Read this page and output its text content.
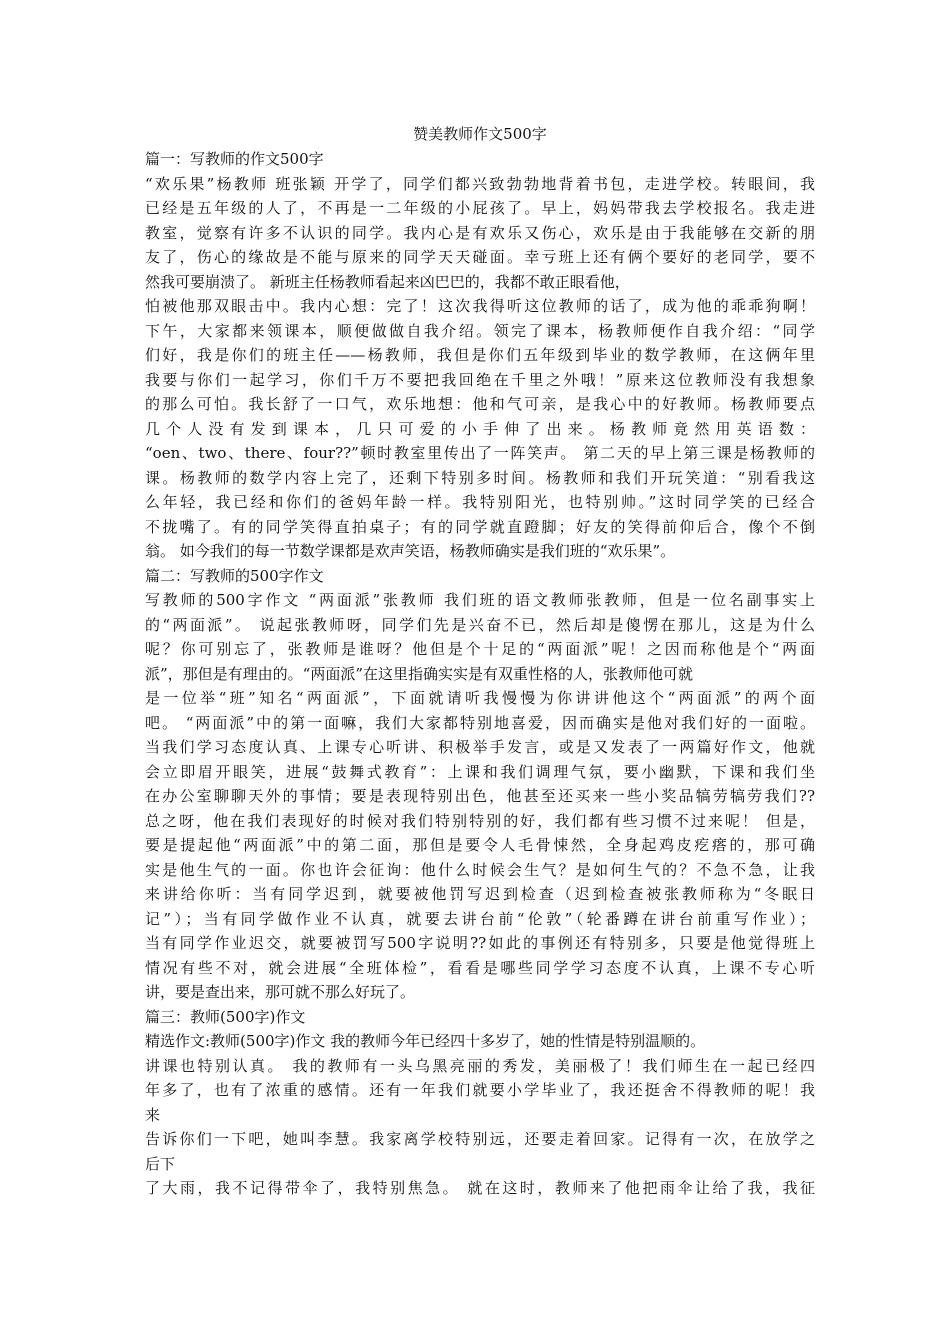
赞美教师作文500字
篇一：写教师的作文500字
“欢乐果”杨教师 班张颖 开学了，同学们都兴致勃勃地背着书包，走进学校。转眼间，我
已经是五年级的人了，不再是一二年级的小屁孩了。早上，妈妈带我去学校报名。我走进
教室，觉察有许多不认识的同学。我内心是有欢乐又伤心，欢乐是由于我能够在交新的朋
友了，伤心的缘故是不能与原来的同学天天碰面。幸亏班上还有俩个要好的老同学，要不
然我可要崩溃了。 新班主任杨教师看起来凶巴巴的，我都不敢正眼看他，
怕被他那双眼击中。我内心想：完了！这次我得听这位教师的话了，成为他的乖乖狗啊！
下午，大家都来领课本，顺便做做自我介绍。领完了课本，杨教师便作自我介绍：“同学
们好，我是你们的班主任——杨教师，我但是你们五年级到毕业的数学教师，在这俩年里
我要与你们一起学习，你们千万不要把我回绝在千里之外哦！”原来这位教师没有我想象
的那么可怕。我长舒了一口气，欢乐地想：他和气可亲，是我心中的好教师。杨教师要点
几个人没有发到课本，几只可爱的小手伸了出来。杨教师竟然用英语数：
“oen、two、there、four??”顿时教室里传出了一阵笑声。 第二天的早上第三课是杨教师的
课。杨教师的数学内容上完了，还剩下特别多时间。杨教师和我们开玩笑道：“别看我这
么年轻，我已经和你们的爸妈年龄一样。我特别阳光，也特别帅。”这时同学笑的已经合
不拢嘴了。有的同学笑得直拍桌子；有的同学就直蹬脚；好友的笑得前仰后合，像个不倒
翁。 如今我们的每一节数学课都是欢声笑语，杨教师确实是我们班的“欢乐果”。
篇二：写教师的500字作文
写教师的500字作文 “两面派”张教师 我们班的语文教师张教师，但是一位名副事实上
的“两面派”。 说起张教师呀，同学们先是兴奋不已，然后却是傻愣在那儿，这是为什么
呢？你可别忘了，张教师是谁呀？他但是个十足的“两面派”呢！之因而称他是个“两面
派”，那但是有理由的。“两面派”在这里指确实实是有双重性格的人，张教师他可就
是一位举“班”知名“两面派”，下面就请听我慢慢为你讲讲他这个“两面派”的两个面
吧。 “两面派”中的第一面嘛，我们大家都特别地喜爱，因而确实是他对我们好的一面啦。
当我们学习态度认真、上课专心听讲、积极举手发言，或是又发表了一两篇好作文，他就
会立即眉开眼笑，进展“鼓舞式教育”：上课和我们调理气氛，要小幽默，下课和我们坐
在办公室聊聊天外的事情；要是表现特别出色，他甚至还买来一些小奖品犒劳犒劳我们??
总之呀，他在我们表现好的时候对我们特别特别的好，我们都有些习惯不过来呢！ 但是，
要是提起他“两面派”中的第二面，那但是要令人毛骨悚然，全身起鸡皮疙瘩的，那可确
实是他生气的一面。你也许会征询：他什么时候会生气？是如何生气的？不急不急，让我
来讲给你听：当有同学迟到，就要被他罚写迟到检查（迟到检查被张教师称为“冬眠日
记”）；当有同学做作业不认真，就要去讲台前“伦敦”（轮番蹲在讲台前重写作业）；
当有同学作业迟交，就要被罚写500字说明??如此的事例还有特别多，只要是他觉得班上
情况有些不对，就会进展“全班体检”，看看是哪些同学学习态度不认真，上课不专心听
讲，要是查出来，那可就不那么好玩了。
篇三：教师(500字)作文
精选作文:教师(500字)作文 我的教师今年已经四十多岁了，她的性情是特别温顺的。
讲课也特别认真。 我的教师有一头乌黑亮丽的秀发，美丽极了！我们师生在一起已经四
年多了，也有了浓重的感情。还有一年我们就要小学毕业了，我还挺舍不得教师的呢！我
来
告诉你们一下吧，她叫李慧。我家离学校特别远，还要走着回家。记得有一次，在放学之
后下
了大雨，我不记得带伞了，我特别焦急。 就在这时，教师来了他把雨伞让给了我，我征
